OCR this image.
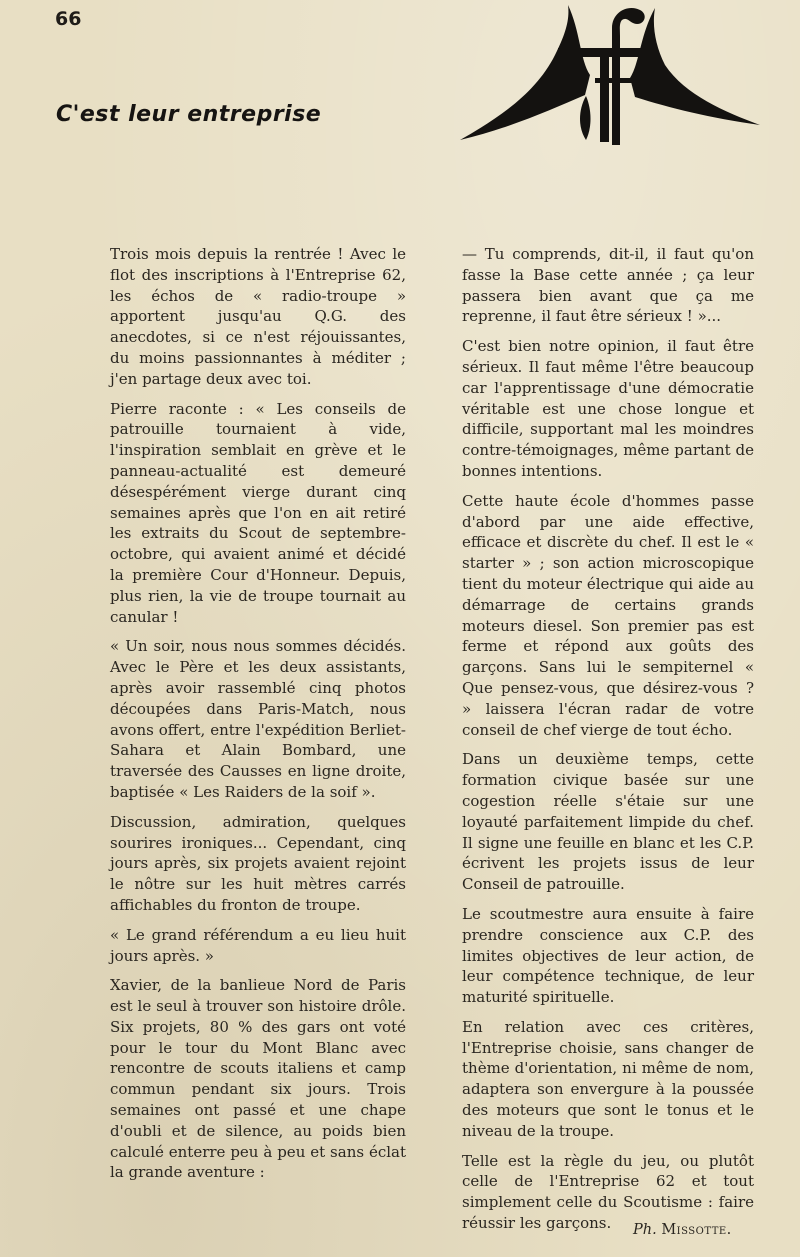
66
C'est leur entreprise

Trois mois depuis la rentrée ! Avec le flot des inscriptions à l'Entreprise 62, les échos de « radio-troupe » apportent jusqu'au Q.G. des anecdotes, si ce n'est réjouissantes, du moins passionnantes à méditer ; j'en partage deux avec toi.

Pierre raconte : « Les conseils de patrouille tournaient à vide, l'inspiration semblait en grève et le panneau-actualité est demeuré désespérément vierge durant cinq semaines après que l'on en ait retiré les extraits du Scout de septembre-octobre, qui avaient animé et décidé la première Cour d'Honneur. Depuis, plus rien, la vie de troupe tournait au canular !

« Un soir, nous nous sommes décidés. Avec le Père et les deux assistants, après avoir rassemblé cinq photos découpées dans Paris-Match, nous avons offert, entre l'expédition Berliet-Sahara et Alain Bombard, une traversée des Causses en ligne droite, baptisée « Les Raiders de la soif ».

Discussion, admiration, quelques sourires ironiques... Cependant, cinq jours après, six projets avaient rejoint le nôtre sur les huit mètres carrés affichables du fronton de troupe.

« Le grand référendum a eu lieu huit jours après. »

Xavier, de la banlieue Nord de Paris est le seul à trouver son histoire drôle. Six projets, 80 % des gars ont voté pour le tour du Mont Blanc avec rencontre de scouts italiens et camp commun pendant six jours. Trois semaines ont passé et une chape d'oubli et de silence, au poids bien calculé enterre peu à peu et sans éclat la grande aventure :

— Tu comprends, dit-il, il faut qu'on fasse la Base cette année ; ça leur passera bien avant que ça me reprenne, il faut être sérieux ! »...

C'est bien notre opinion, il faut être sérieux. Il faut même l'être beaucoup car l'apprentissage d'une démocratie véritable est une chose longue et difficile, supportant mal les moindres contre-témoignages, même partant de bonnes intentions.

Cette haute école d'hommes passe d'abord par une aide effective, efficace et discrète du chef. Il est le « starter » ; son action microscopique tient du moteur électrique qui aide au démarrage de certains grands moteurs diesel. Son premier pas est ferme et répond aux goûts des garçons. Sans lui le sempiternel « Que pensez-vous, que désirez-vous ? » laissera l'écran radar de votre conseil de chef vierge de tout écho.

Dans un deuxième temps, cette formation civique basée sur une cogestion réelle s'étaie sur une loyauté parfaitement limpide du chef. Il signe une feuille en blanc et les C.P. écrivent les projets issus de leur Conseil de patrouille.

Le scoutmestre aura ensuite à faire prendre conscience aux C.P. des limites objectives de leur action, de leur compétence technique, de leur maturité spirituelle.

En relation avec ces critères, l'Entreprise choisie, sans changer de thème d'orientation, ni même de nom, adaptera son envergure à la poussée des moteurs que sont le tonus et le niveau de la troupe.

Telle est la règle du jeu, ou plutôt celle de l'Entreprise 62 et tout simplement celle du Scoutisme : faire réussir les garçons.	Ph. Missotte.
